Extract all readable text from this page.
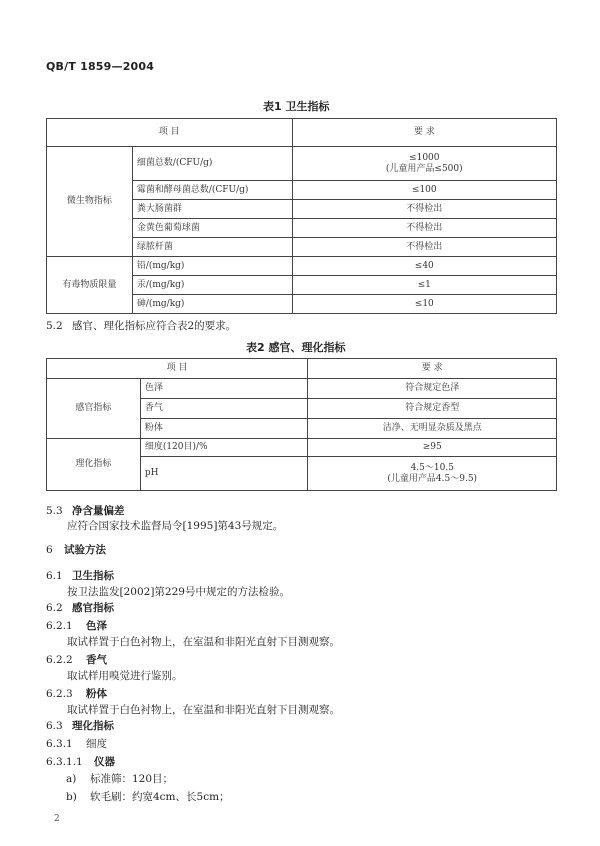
QB/T 1859—2004
表1 卫生指标
项 目		要 求
微生物指标	细菌总数/(CFU/g)	≤1000
(儿童用产品≤500)
	霉菌和酵母菌总数/(CFU/g)	≤100
	粪大肠菌群	不得检出
	金黄色葡萄球菌	不得检出
	绿脓杆菌	不得检出
有毒物质限量	铅/(mg/kg)	≤40
	汞/(mg/kg)	≤1
	砷/(mg/kg)	≤10
5.2 感官、理化指标应符合表2的要求。
表2 感官、理化指标
项 目		要 求
感官指标	色泽	符合规定色泽
	香气	符合规定香型
	粉体	洁净、无明显杂质及黑点
理化指标	细度(120目)/%	≥95
	pH	4.5～10.5
(儿童用产品4.5～9.5)
5.3 净含量偏差
应符合国家技术监督局令[1995]第43号规定。
6 试验方法
6.1 卫生指标
按卫法监发[2002]第229号中规定的方法检验。
6.2 感官指标
6.2.1 色泽
取试样置于白色衬物上，在室温和非阳光直射下目测观察。
6.2.2 香气
取试样用嗅觉进行鉴别。
6.2.3 粉体
取试样置于白色衬物上，在室温和非阳光直射下目测观察。
6.3 理化指标
6.3.1 细度
6.3.1.1 仪器
a) 标准筛：120目；
b) 软毛刷：约宽4cm、长5cm；
2
